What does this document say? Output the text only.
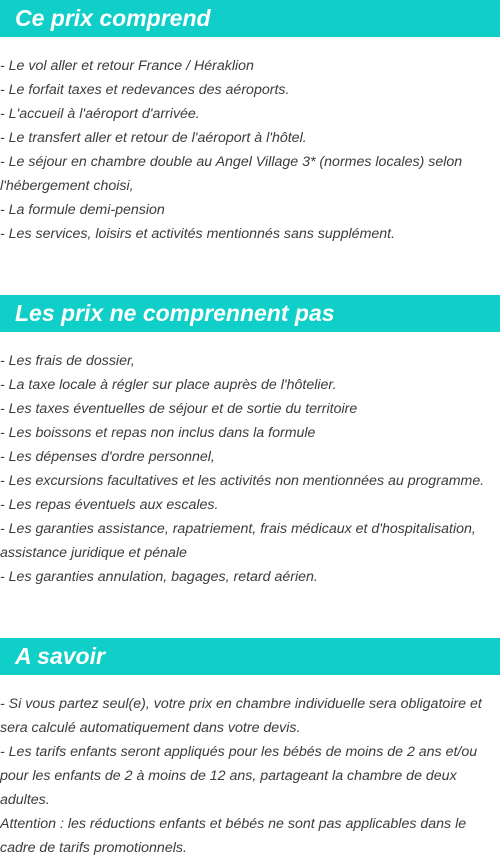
Ce prix comprend
- Le vol aller et retour France / Héraklion
- Le forfait taxes et redevances des aéroports.
- L'accueil à l'aéroport d'arrivée.
- Le transfert aller et retour de l'aéroport à l'hôtel.
- Le séjour en chambre double au Angel Village 3* (normes locales) selon l'hébergement choisi,
- La formule demi-pension
- Les services, loisirs et activités mentionnés sans supplément.
Les prix ne comprennent pas
- Les frais de dossier,
- La taxe locale à régler sur place auprès de l'hôtelier.
- Les taxes éventuelles de séjour et de sortie du territoire
- Les boissons et repas non inclus dans la formule
- Les dépenses d'ordre personnel,
- Les excursions facultatives et les activités non mentionnées au programme.
- Les repas éventuels aux escales.
- Les garanties assistance, rapatriement, frais médicaux et d'hospitalisation, assistance juridique et pénale
- Les garanties annulation, bagages, retard aérien.
A savoir
- Si vous partez seul(e), votre prix en chambre individuelle sera obligatoire et sera calculé automatiquement dans votre devis.
- Les tarifs enfants seront appliqués pour les bébés de moins de 2 ans et/ou pour les enfants de 2 à moins de 12 ans, partageant la chambre de deux adultes.
Attention : les réductions enfants et bébés ne sont pas applicables dans le cadre de tarifs promotionnels.
